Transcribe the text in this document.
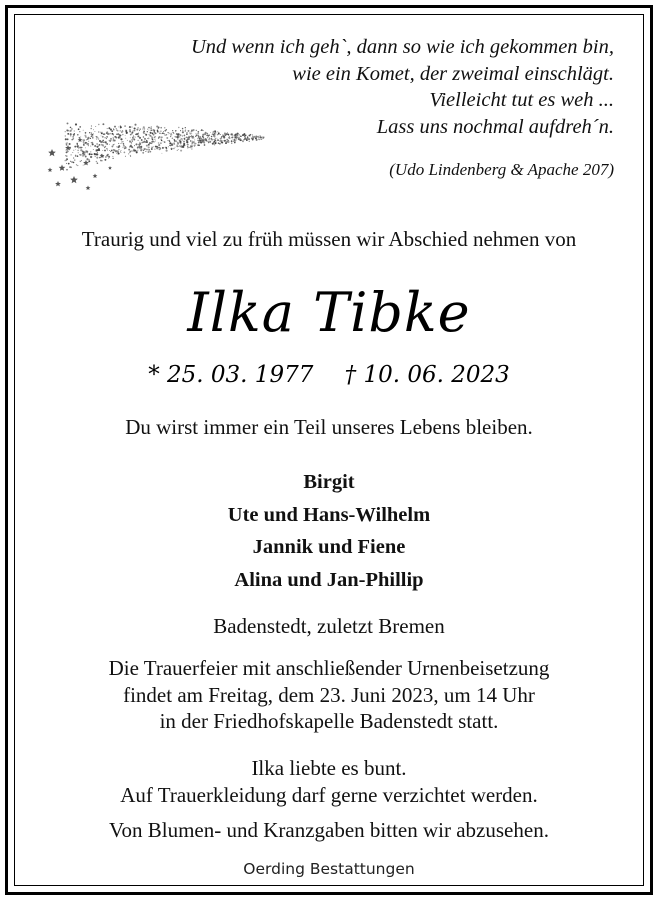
Und wenn ich geh`, dann so wie ich gekommen bin,
wie ein Komet, der zweimal einschlägt.
Vielleicht tut es weh ...
Lass uns nochmal aufdreh´n.
(Udo Lindenberg & Apache 207)
Traurig und viel zu früh müssen wir Abschied nehmen von
Ilka Tibke
* 25. 03. 1977 † 10. 06. 2023
Du wirst immer ein Teil unseres Lebens bleiben.
Birgit
Ute und Hans-Wilhelm
Jannik und Fiene
Alina und Jan-Phillip
Badenstedt, zuletzt Bremen
Die Trauerfeier mit anschließender Urnenbeisetzung
findet am Freitag, dem 23. Juni 2023, um 14 Uhr
in der Friedhofskapelle Badenstedt statt.
Ilka liebte es bunt.
Auf Trauerkleidung darf gerne verzichtet werden.
Von Blumen- und Kranzgaben bitten wir abzusehen.
Oerding Bestattungen
